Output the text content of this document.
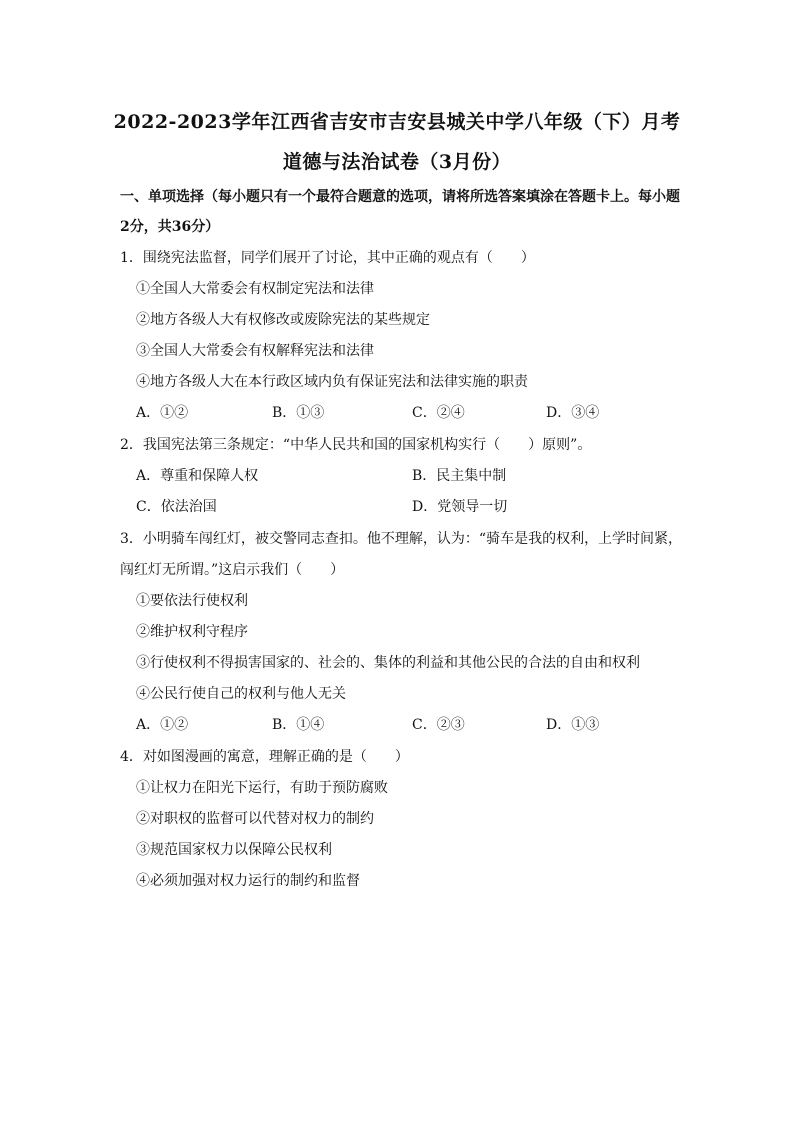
2022-2023学年江西省吉安市吉安县城关中学八年级（下）月考
道德与法治试卷（3月份）
一、单项选择（每小题只有一个最符合题意的选项，请将所选答案填涂在答题卡上。每小题2分，共36分）
1．围绕宪法监督，同学们展开了讨论，其中正确的观点有（　　）
①全国人大常委会有权制定宪法和法律
②地方各级人大有权修改或废除宪法的某些规定
③全国人大常委会有权解释宪法和法律
④地方各级人大在本行政区域内负有保证宪法和法律实施的职责
A．①②	B．①③	C．②④	D．③④
2．我国宪法第三条规定：“中华人民共和国的国家机构实行（　　）原则”。
A．尊重和保障人权	B．民主集中制
C．依法治国	D．党领导一切
3．小明骑车闯红灯，被交警同志查扣。他不理解，认为：“骑车是我的权利，上学时间紧，
闯红灯无所谓。”这启示我们（　　）
①要依法行使权利
②维护权利守程序
③行使权利不得损害国家的、社会的、集体的利益和其他公民的合法的自由和权利
④公民行使自己的权利与他人无关
A．①②	B．①④	C．②③	D．①③
4．对如图漫画的寓意，理解正确的是（　　）
①让权力在阳光下运行，有助于预防腐败
②对职权的监督可以代替对权力的制约
③规范国家权力以保障公民权利
④必须加强对权力运行的制约和监督
